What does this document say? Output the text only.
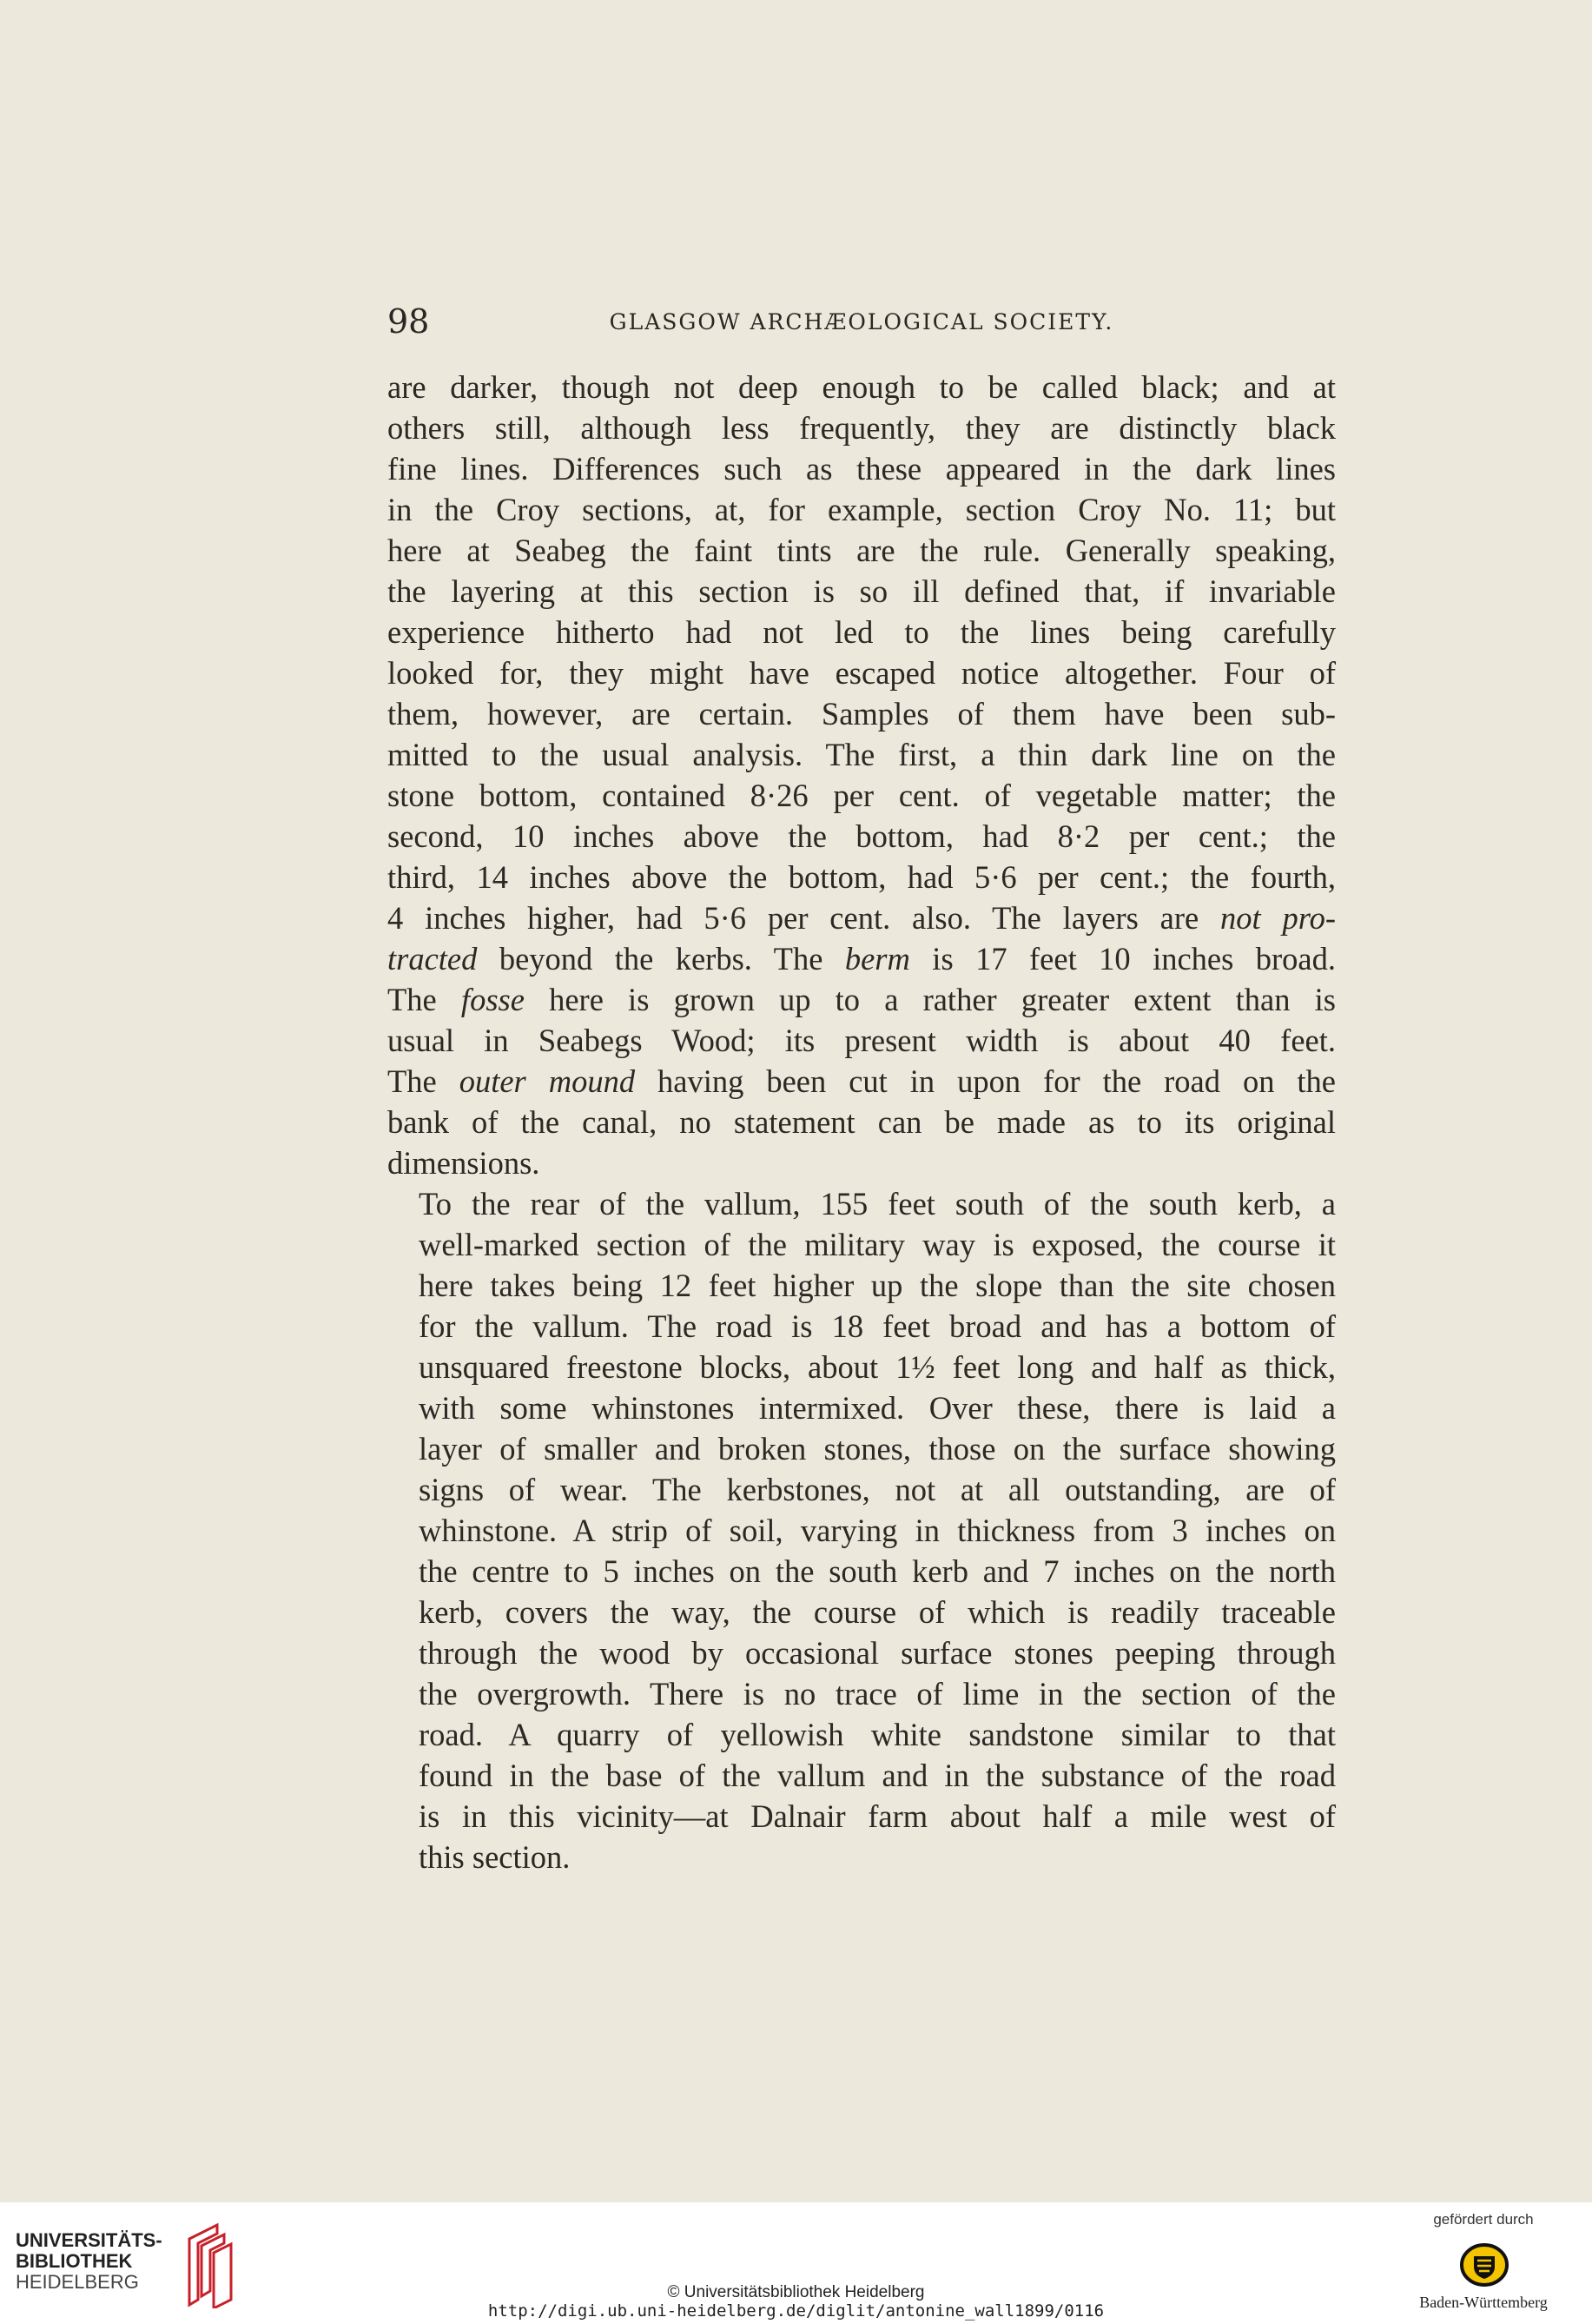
98	GLASGOW ARCHÆOLOGICAL SOCIETY.

are darker, though not deep enough to be called black; and at
others still, although less frequently, they are distinctly black
fine lines. Differences such as these appeared in the dark lines
in the Croy sections, at, for example, section Croy No. 11; but
here at Seabeg the faint tints are the rule. Generally speaking,
the layering at this section is so ill defined that, if invariable
experience hitherto had not led to the lines being carefully
looked for, they might have escaped notice altogether. Four of
them, however, are certain. Samples of them have been sub-
mitted to the usual analysis. The first, a thin dark line on the
stone bottom, contained 8·26 per cent. of vegetable matter; the
second, 10 inches above the bottom, had 8·2 per cent.; the
third, 14 inches above the bottom, had 5·6 per cent.; the fourth,
4 inches higher, had 5·6 per cent. also. The layers are not pro-
tracted beyond the kerbs. The berm is 17 feet 10 inches broad.
The fosse here is grown up to a rather greater extent than is
usual in Seabegs Wood; its present width is about 40 feet.
The outer mound having been cut in upon for the road on the
bank of the canal, no statement can be made as to its original
dimensions.

To the rear of the vallum, 155 feet south of the south kerb, a
well-marked section of the military way is exposed, the course it
here takes being 12 feet higher up the slope than the site chosen
for the vallum. The road is 18 feet broad and has a bottom of
unsquared freestone blocks, about 1½ feet long and half as thick,
with some whinstones intermixed. Over these, there is laid a
layer of smaller and broken stones, those on the surface showing
signs of wear. The kerbstones, not at all outstanding, are of
whinstone. A strip of soil, varying in thickness from 3 inches on
the centre to 5 inches on the south kerb and 7 inches on the north
kerb, covers the way, the course of which is readily traceable
through the wood by occasional surface stones peeping through
the overgrowth. There is no trace of lime in the section of the
road. A quarry of yellowish white sandstone similar to that
found in the base of the vallum and in the substance of the road
is in this vicinity—at Dalnair farm about half a mile west of
this section.

UNIVERSITÄTS-
BIBLIOTHEK
HEIDELBERG	© Universitätsbibliothek Heidelberg
http://digi.ub.uni-heidelberg.de/diglit/antonine_wall1899/0116
gefördert durch
Baden-Württemberg
